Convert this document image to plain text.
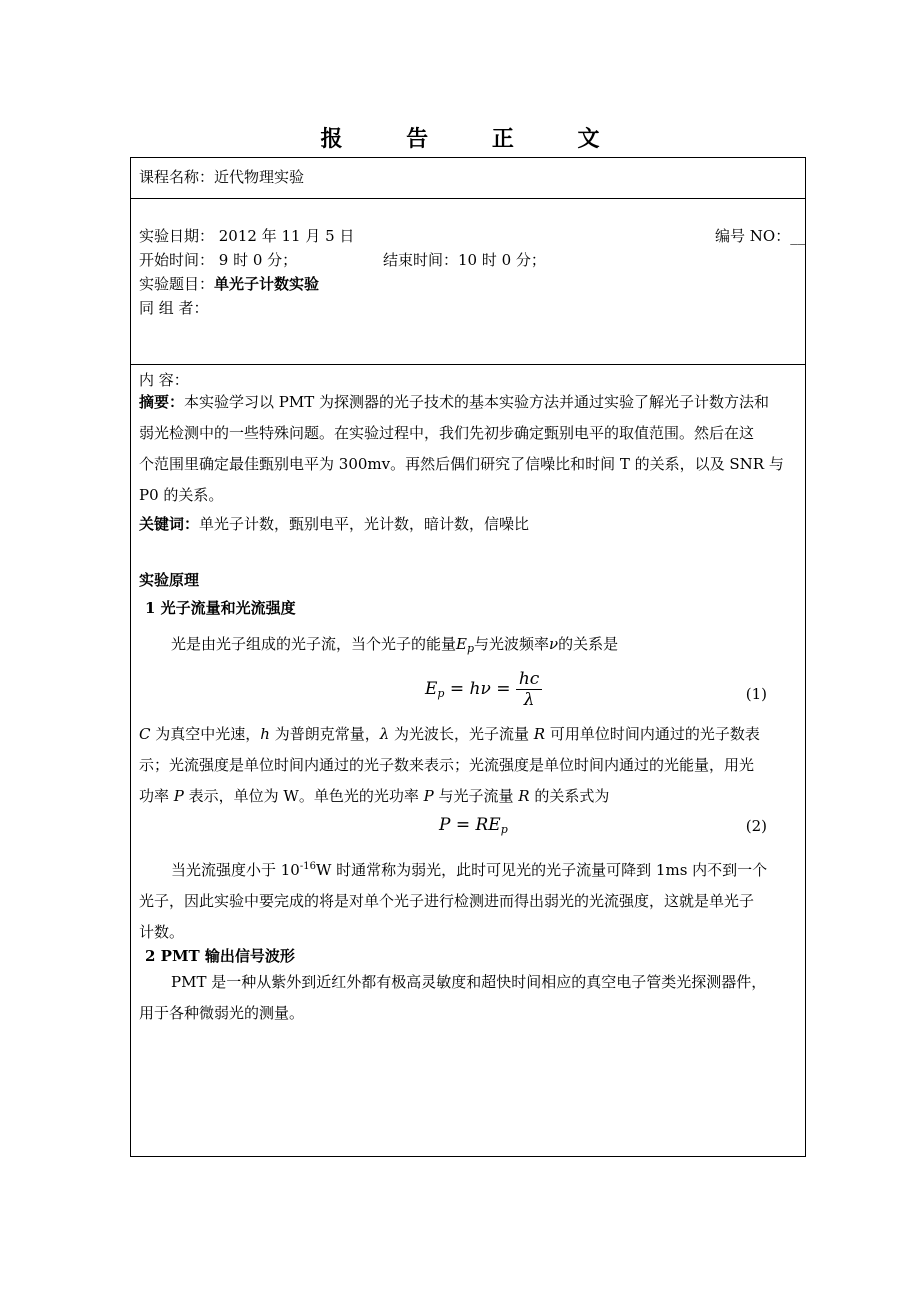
报 告 正 文
课程名称：近代物理实验
实验日期： 2012 年 11 月 5 日	编号 NO：__
开始时间： 9 时 0 分；	结束时间：10 时 0 分；
实验题目：单光子计数实验
同 组 者：
内 容：
摘要：本实验学习以 PMT 为探测器的光子技术的基本实验方法并通过实验了解光子计数方法和
弱光检测中的一些特殊问题。在实验过程中，我们先初步确定甄别电平的取值范围。然后在这
个范围里确定最佳甄别电平为 300mv。再然后偶们研究了信噪比和时间 T 的关系，以及 SNR 与
P0 的关系。
关键词：单光子计数，甄别电平，光计数，暗计数，信噪比
实验原理
1 光子流量和光流强度
光是由光子组成的光子流，当个光子的能量$E_p$与光波频率ν的关系是
$E_p = h\nu = \frac{hc}{\lambda}$	(1)
C 为真空中光速，h 为普朗克常量，λ 为光波长，光子流量 R 可用单位时间内通过的光子数表
示；光流强度是单位时间内通过的光子数来表示；光流强度是单位时间内通过的光能量，用光
功率 P 表示，单位为 W。单色光的光功率 P 与光子流量 R 的关系式为
$P = RE_p$	(2)
当光流强度小于 $10^{-16}W$ 时通常称为弱光，此时可见光的光子流量可降到 1ms 内不到一个
光子，因此实验中要完成的将是对单个光子进行检测进而得出弱光的光流强度，这就是单光子
计数。
2 PMT 输出信号波形
PMT 是一种从紫外到近红外都有极高灵敏度和超快时间相应的真空电子管类光探测器件，
用于各种微弱光的测量。
